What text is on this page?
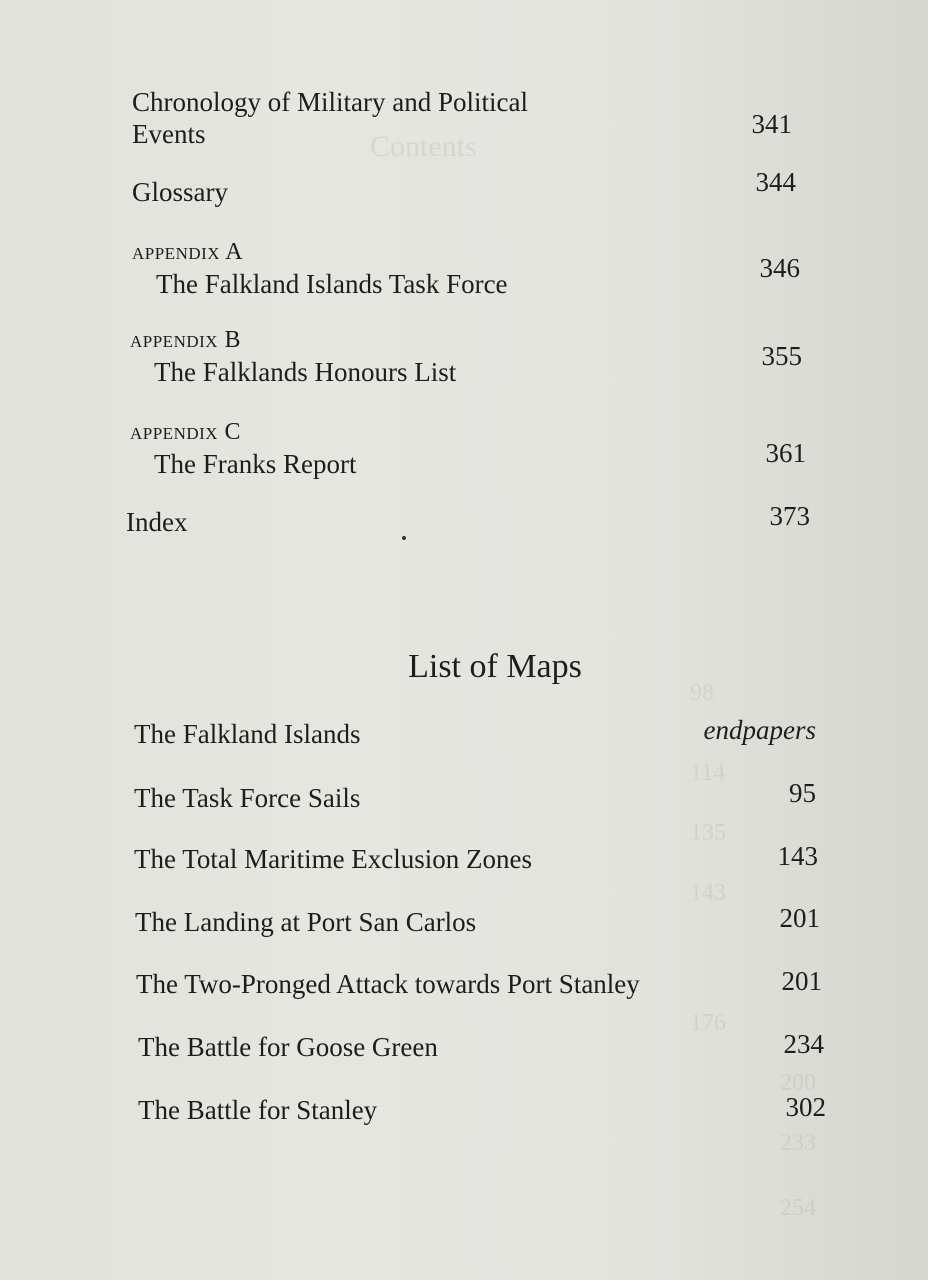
Contents
98
114
135
143
176
200
233
254
Chronology of Military and Political
Events	341
Glossary	344
appendix A
The Falkland Islands Task Force
346
appendix B
The Falklands Honours List
355
appendix C
The Franks Report	361
Index	373
List of Maps
The Falkland Islands	endpapers
The Task Force Sails	95
The Total Maritime Exclusion Zones	143
The Landing at Port San Carlos	201
The Two-Pronged Attack towards Port Stanley	201
The Battle for Goose Green	234
The Battle for Stanley	302
